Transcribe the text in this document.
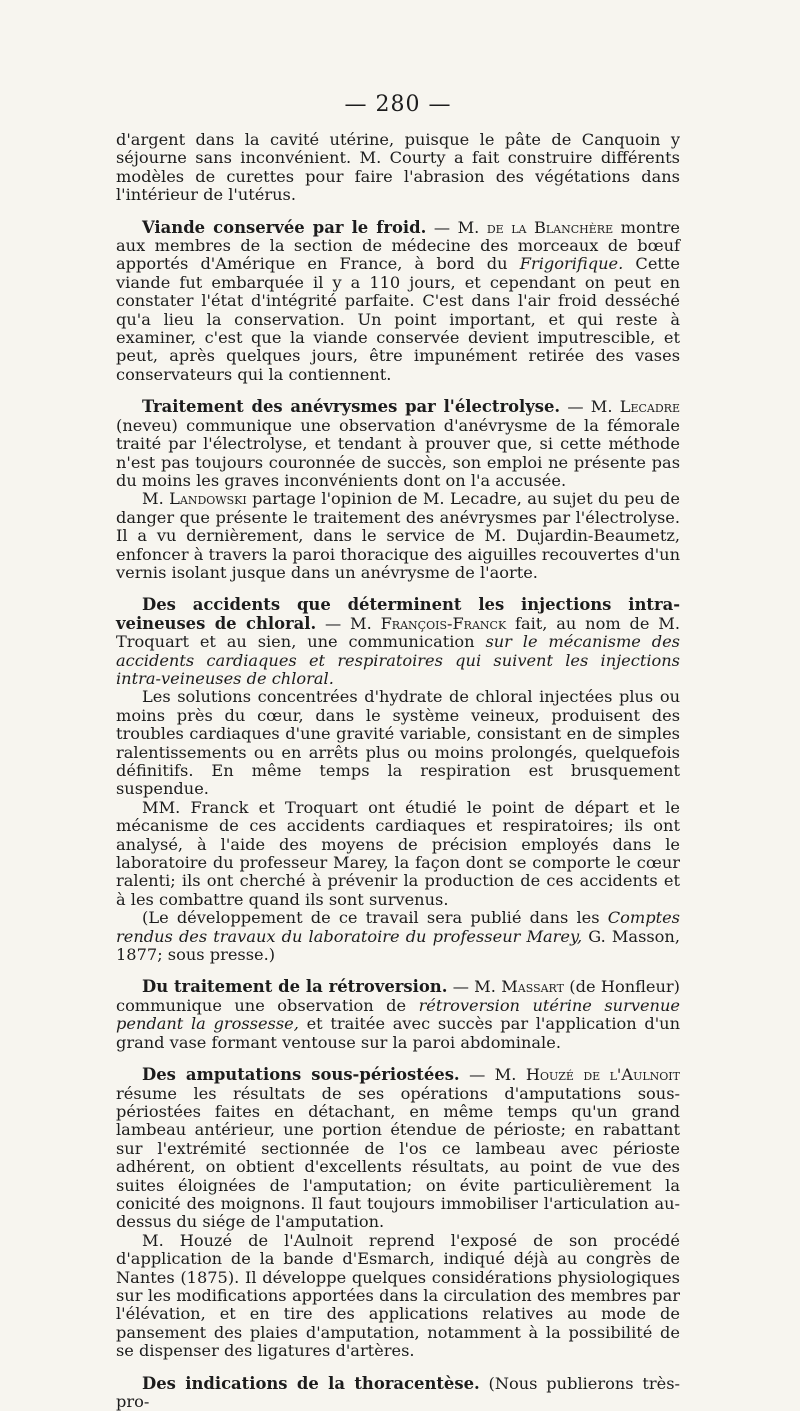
— 280 —

d'argent dans la cavité utérine, puisque le pâte de Canquoin y séjourne sans inconvénient. M. Courty a fait construire différents modèles de curettes pour faire l'abrasion des végétations dans l'intérieur de l'utérus.

Viande conservée par le froid. — M. de la Blanchère montre aux membres de la section de médecine des morceaux de bœuf apportés d'Amérique en France, à bord du Frigorifique. Cette viande fut embarquée il y a 110 jours, et cependant on peut en constater l'état d'intégrité parfaite. C'est dans l'air froid desséché qu'a lieu la conservation. Un point important, et qui reste à examiner, c'est que la viande conservée devient imputrescible, et peut, après quelques jours, être impunément retirée des vases conservateurs qui la contiennent.

Traitement des anévrysmes par l'électrolyse. — M. Lecadre (neveu) communique une observation d'anévrysme de la fémorale traité par l'électrolyse, et tendant à prouver que, si cette méthode n'est pas toujours couronnée de succès, son emploi ne présente pas du moins les graves inconvénients dont on l'a accusée.

M. Landowski partage l'opinion de M. Lecadre, au sujet du peu de danger que présente le traitement des anévrysmes par l'électrolyse. Il a vu dernièrement, dans le service de M. Dujardin-Beaumetz, enfoncer à travers la paroi thoracique des aiguilles recouvertes d'un vernis isolant jusque dans un anévrysme de l'aorte.

Des accidents que déterminent les injections intra-veineuses de chloral. — M. François-Franck fait, au nom de M. Troquart et au sien, une communication sur le mécanisme des accidents cardiaques et respiratoires qui suivent les injections intra-veineuses de chloral.

Les solutions concentrées d'hydrate de chloral injectées plus ou moins près du cœur, dans le système veineux, produisent des troubles cardiaques d'une gravité variable, consistant en de simples ralentissements ou en arrêts plus ou moins prolongés, quelquefois définitifs. En même temps la respiration est brusquement suspendue.

MM. Franck et Troquart ont étudié le point de départ et le mécanisme de ces accidents cardiaques et respiratoires; ils ont analysé, à l'aide des moyens de précision employés dans le laboratoire du professeur Marey, la façon dont se comporte le cœur ralenti; ils ont cherché à prévenir la production de ces accidents et à les combattre quand ils sont survenus.

(Le développement de ce travail sera publié dans les Comptes rendus des travaux du laboratoire du professeur Marey, G. Masson, 1877; sous presse.)

Du traitement de la rétroversion. — M. Massart (de Honfleur) communique une observation de rétroversion utérine survenue pendant la grossesse, et traitée avec succès par l'application d'un grand vase formant ventouse sur la paroi abdominale.

Des amputations sous-périostées. — M. Houzé de l'Aulnoit résume les résultats de ses opérations d'amputations sous-périostées faites en détachant, en même temps qu'un grand lambeau antérieur, une portion étendue de périoste; en rabattant sur l'extrémité sectionnée de l'os ce lambeau avec périoste adhérent, on obtient d'excellents résultats, au point de vue des suites éloignées de l'amputation; on évite particulièrement la conicité des moignons. Il faut toujours immobiliser l'articulation au-dessus du siége de l'amputation.

M. Houzé de l'Aulnoit reprend l'exposé de son procédé d'application de la bande d'Esmarch, indiqué déjà au congrès de Nantes (1875). Il développe quelques considérations physiologiques sur les modifications apportées dans la circulation des membres par l'élévation, et en tire des applications relatives au mode de pansement des plaies d'amputation, notamment à la possibilité de se dispenser des ligatures d'artères.

Des indications de la thoracentèse. (Nous publierons très-pro-
